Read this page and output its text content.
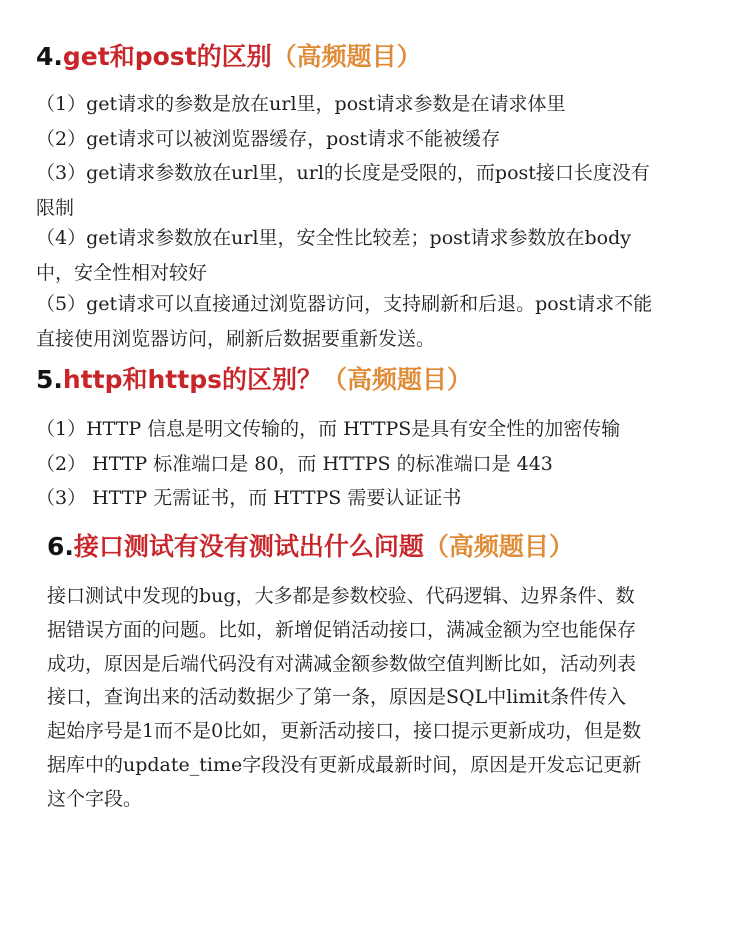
4.get和post的区别（高频题目）

（1）get请求的参数是放在url里，post请求参数是在请求体里

（2）get请求可以被浏览器缓存，post请求不能被缓存

（3）get请求参数放在url里，url的长度是受限的，而post接口长度没有
限制

（4）get请求参数放在url里，安全性比较差；post请求参数放在body
中，安全性相对较好

（5）get请求可以直接通过浏览器访问，支持刷新和后退。post请求不能
直接使用浏览器访问，刷新后数据要重新发送。

5.http和https的区别？（高频题目）

（1）HTTP 信息是明文传输的，而 HTTPS是具有安全性的加密传输

（2） HTTP 标准端口是 80，而 HTTPS 的标准端口是 443

（3） HTTP 无需证书，而 HTTPS 需要认证证书

6.接口测试有没有测试出什么问题（高频题目）
接口测试中发现的bug，大多都是参数校验、代码逻辑、边界条件、数
据错误方面的问题。比如，新增促销活动接口，满减金额为空也能保存
成功，原因是后端代码没有对满减金额参数做空值判断比如，活动列表
接口，查询出来的活动数据少了第一条，原因是SQL中limit条件传入
起始序号是1而不是0比如，更新活动接口，接口提示更新成功，但是数
据库中的update_time字段没有更新成最新时间，原因是开发忘记更新
这个字段。
